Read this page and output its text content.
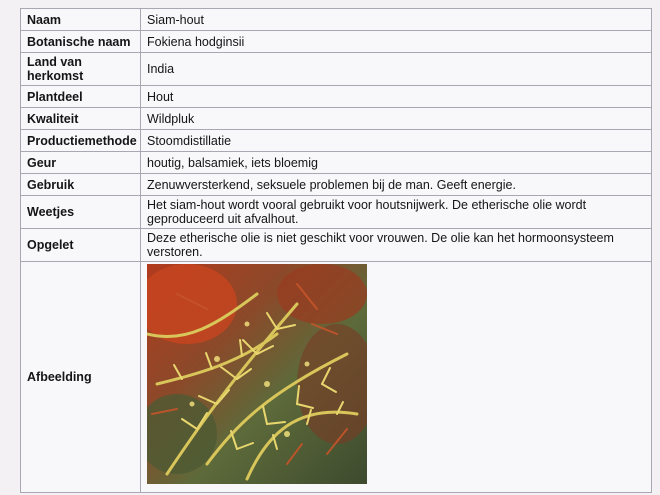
Naam	Siam-hout
Botanische naam	Fokiena hodginsii
Land van herkomst	India
Plantdeel	Hout
Kwaliteit	Wildpluk
Productiemethode	Stoomdistillatie
Geur	houtig, balsamiek, iets bloemig
Gebruik	Zenuwversterkend, seksuele problemen bij de man. Geeft energie.
Weetjes	Het siam-hout wordt vooral gebruikt voor houtsnijwerk. De etherische olie wordt geproduceerd uit afvalhout.
Opgelet	Deze etherische olie is niet geschikt voor vrouwen. De olie kan het hormoonsysteem verstoren.
Afbeelding	
